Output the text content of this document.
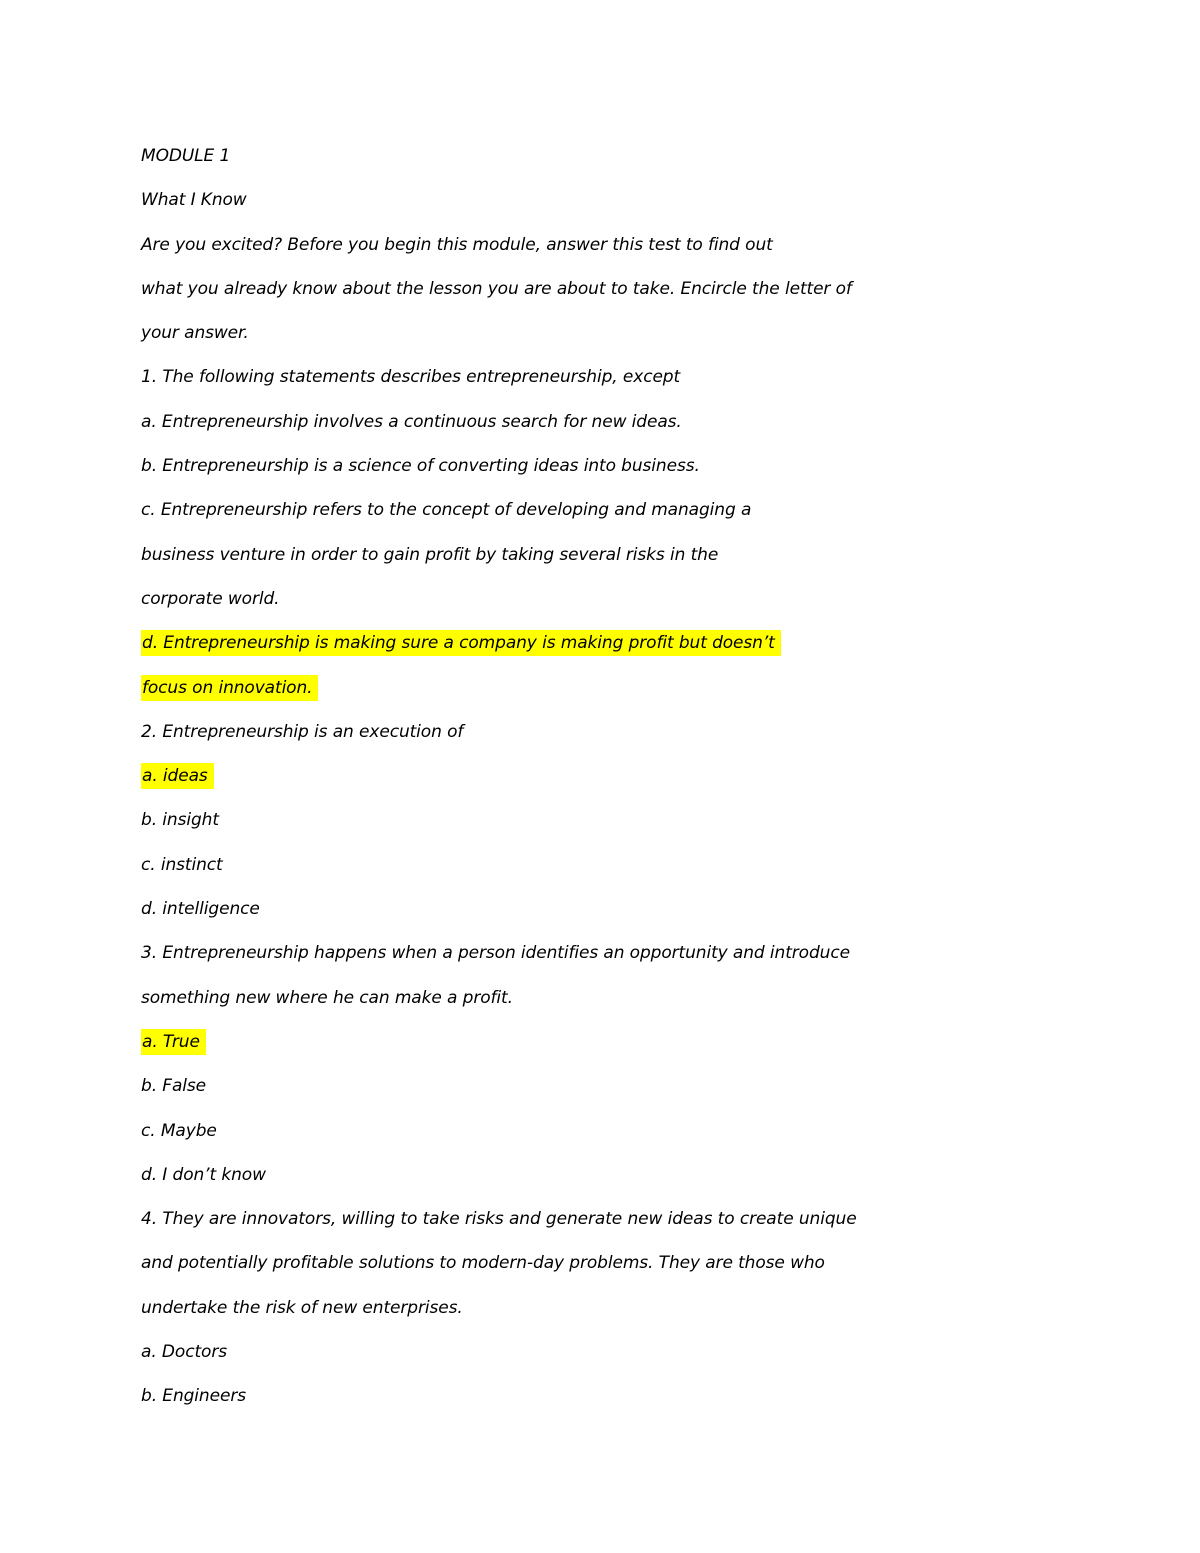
MODULE 1
What I Know
Are you excited? Before you begin this module, answer this test to find out
what you already know about the lesson you are about to take. Encircle the letter of
your answer.
1. The following statements describes entrepreneurship, except
a. Entrepreneurship involves a continuous search for new ideas.
b. Entrepreneurship is a science of converting ideas into business.
c. Entrepreneurship refers to the concept of developing and managing a
business venture in order to gain profit by taking several risks in the
corporate world.
d. Entrepreneurship is making sure a company is making profit but doesn’t
focus on innovation.
2. Entrepreneurship is an execution of
a. ideas
b. insight
c. instinct
d. intelligence
3. Entrepreneurship happens when a person identifies an opportunity and introduce
something new where he can make a profit.
a. True
b. False
c. Maybe
d. I don’t know
4. They are innovators, willing to take risks and generate new ideas to create unique
and potentially profitable solutions to modern-day problems. They are those who
undertake the risk of new enterprises.
a. Doctors
b. Engineers
